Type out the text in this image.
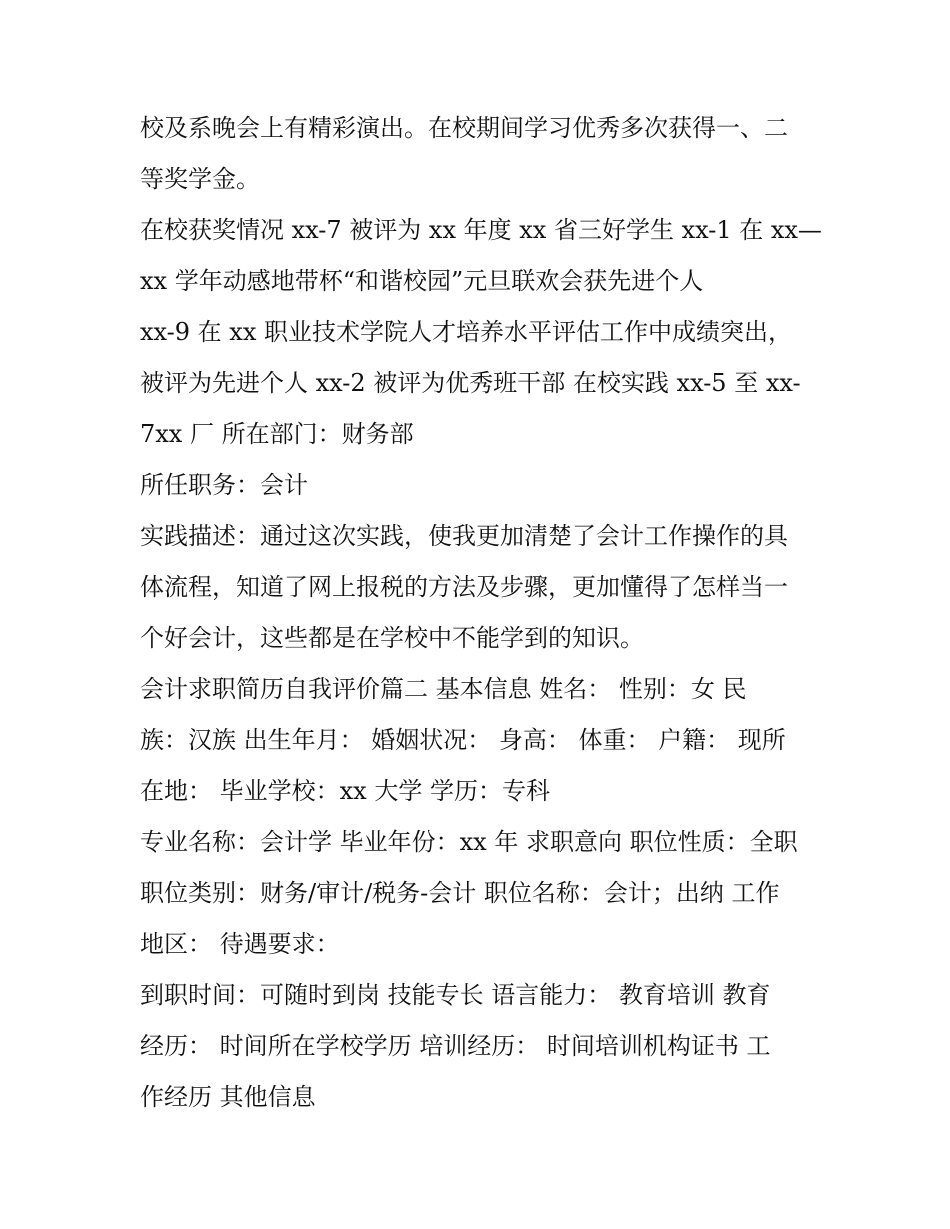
校及系晚会上有精彩演出。在校期间学习优秀多次获得一、二
等奖学金。
在校获奖情况 xx-7 被评为 xx 年度 xx 省三好学生 xx-1 在 xx—
xx 学年动感地带杯“和谐校园”元旦联欢会获先进个人
xx-9 在 xx 职业技术学院人才培养水平评估工作中成绩突出，
被评为先进个人 xx-2 被评为优秀班干部 在校实践 xx-5 至 xx-
7xx 厂 所在部门：财务部
所任职务：会计
实践描述：通过这次实践，使我更加清楚了会计工作操作的具
体流程，知道了网上报税的方法及步骤，更加懂得了怎样当一
个好会计，这些都是在学校中不能学到的知识。
会计求职简历自我评价篇二 基本信息 姓名： 性别：女 民
族：汉族 出生年月： 婚姻状况： 身高： 体重： 户籍： 现所
在地： 毕业学校：xx 大学 学历：专科
专业名称：会计学 毕业年份：xx 年 求职意向 职位性质：全职
职位类别：财务/审计/税务-会计 职位名称：会计；出纳 工作
地区： 待遇要求：
到职时间：可随时到岗 技能专长 语言能力： 教育培训 教育
经历： 时间所在学校学历 培训经历： 时间培训机构证书 工
作经历 其他信息
